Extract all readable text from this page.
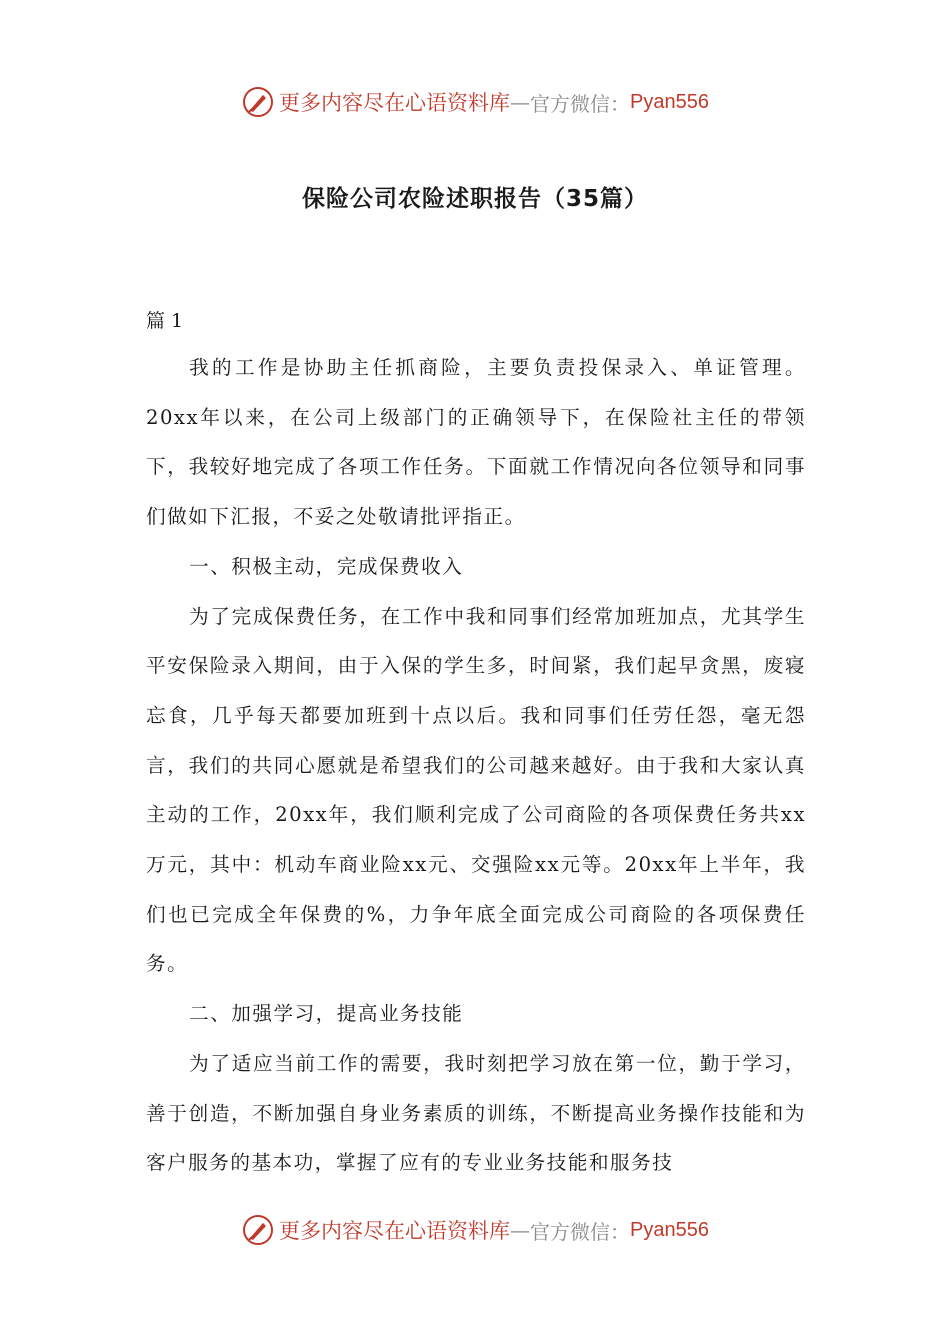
更多内容尽在心语资料库 — 官方微信： Pyan556
保险公司农险述职报告（35篇）
篇 1

我的工作是协助主任抓商险，主要负责投保录入、单证管理。20xx年以来，在公司上级部门的正确领导下，在保险社主任的带领下，我较好地完成了各项工作任务。下面就工作情况向各位领导和同事们做如下汇报，不妥之处敬请批评指正。

一、积极主动，完成保费收入

为了完成保费任务，在工作中我和同事们经常加班加点，尤其学生平安保险录入期间，由于入保的学生多，时间紧，我们起早贪黑，废寝忘食，几乎每天都要加班到十点以后。我和同事们任劳任怨，毫无怨言，我们的共同心愿就是希望我们的公司越来越好。由于我和大家认真主动的工作，20xx年，我们顺利完成了公司商险的各项保费任务共xx万元，其中：机动车商业险xx元、交强险xx元等。20xx年上半年，我们也已完成全年保费的%，力争年底全面完成公司商险的各项保费任务。

二、加强学习，提高业务技能

为了适应当前工作的需要，我时刻把学习放在第一位，勤于学习，善于创造，不断加强自身业务素质的训练，不断提高业务操作技能和为客户服务的基本功，掌握了应有的专业业务技能和服务技

更多内容尽在心语资料库 — 官方微信： Pyan556
